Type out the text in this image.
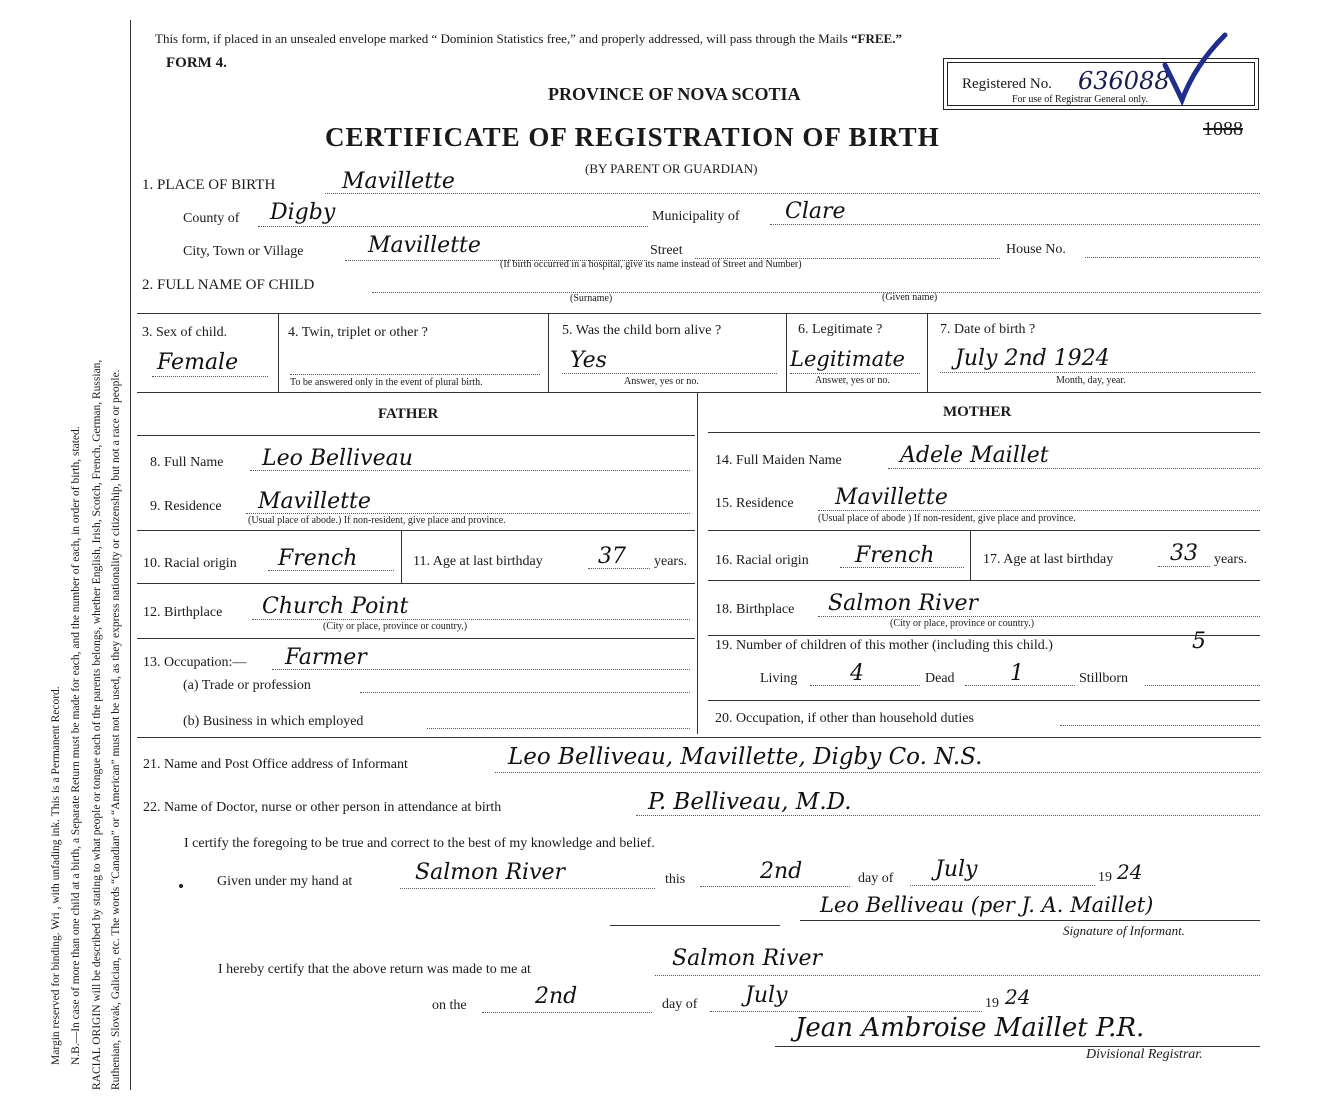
Margin reserved for binding. Wri , with unfading ink. This is a Permanent Record. N.B.—In case of more than one child at a birth, a Separate Return must be made for each, and the number of each, in order of birth, stated. RACIAL ORIGIN will be described by stating to what people or tongue each of the parents belongs, whether English, Irish, Scotch, French, German, Russian, Ruthenian, Slovak, Galician, etc. The words “Canadian” or “American” must not be used, as they express nationality or citizenship, but not a race or people.
This form, if placed in an unsealed envelope marked “ Dominion Statistics free,” and properly addressed, will pass through the Mails “FREE.”
FORM 4.
PROVINCE OF NOVA SCOTIA	Registered No. 636088
For use of Registrar General only.
1088
CERTIFICATE OF REGISTRATION OF BIRTH
(BY PARENT OR GUARDIAN)
1. PLACE OF BIRTH	Mavillette
County of Digby	Municipality of Clare
City, Town or Village	Mavillette	Street	House No.
(If birth occurred in a hospital, give its name instead of Street and Number)
2. FULL NAME OF CHILD
(Surname)	(Given name)
3. Sex of child.
Female
4. Twin, triplet or other ?
To be answered only in the event of plural birth.
5. Was the child born alive ?
Yes
Answer, yes or no.
6. Legitimate ?
Legitimate
Answer, yes or no.
7. Date of birth ?
July 2nd 1924
Month, day, year.
FATHER
8. Full Name Leo Belliveau
9. Residence Mavillette
(Usual place of abode.) If non-resident, give place and province.
10. Racial origin French	11. Age at last birthday	37 years.
12. Birthplace Church Point
(City or place, province or country.)
13. Occupation:— Farmer
(a) Trade or profession
(b) Business in which employed
MOTHER
14. Full Maiden Name	Adele Maillet
15. Residence Mavillette
(Usual place of abode ) If non-resident, give place and province.
16. Racial origin French	17. Age at last birthday	33 years.
18. Birthplace Salmon River
(City or place, province or country.)
19. Number of children of this mother (including this child.)	5
Living 4	Dead	1	Stillborn
20. Occupation, if other than household duties
21. Name and Post Office address of Informant	Leo Belliveau, Mavillette, Digby Co. N.S.
22. Name of Doctor, nurse or other person in attendance at birth	P. Belliveau, M.D.
I certify the foregoing to be true and correct to the best of my knowledge and belief.
Given under my hand at	Salmon River	this	2nd	day of July	19 24
Leo Belliveau (per J. A. Maillet)
Signature of Informant.
I hereby certify that the above return was made to me at	Salmon River
on the	2nd	day of July	19 24
Jean Ambroise Maillet P.R.
Divisional Registrar.
